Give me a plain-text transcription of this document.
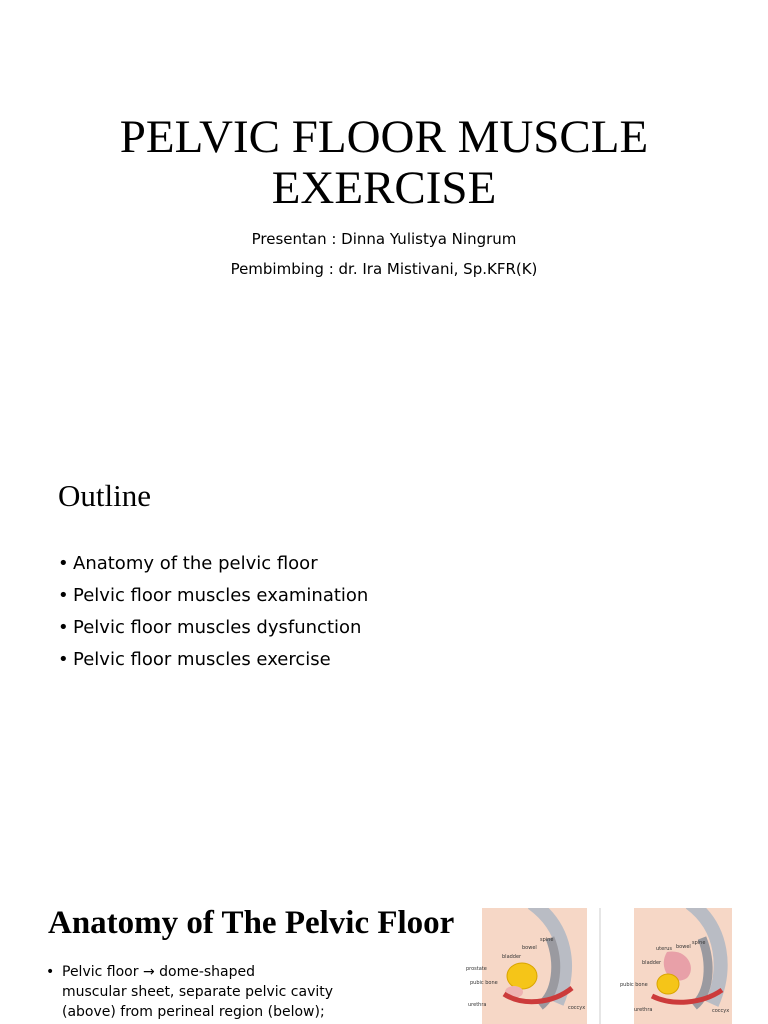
PELVIC FLOOR MUSCLE
EXERCISE
Presentan : Dinna Yulistya Ningrum
Pembimbing : dr. Ira Mistivani, Sp.KFR(K)
Outline
• Anatomy of the pelvic floor
• Pelvic floor muscles examination
• Pelvic floor muscles dysfunction
• Pelvic floor muscles exercise
Anatomy of The Pelvic Floor
• Pelvic floor → dome-shaped
muscular sheet, separate pelvic cavity
(above) from perineal region (below);
prostate
pubic bone
urethra
bladder
bowel
spine
coccyx
uterus bowel
spine
bladder
pubic bone
urethra	coccyx
